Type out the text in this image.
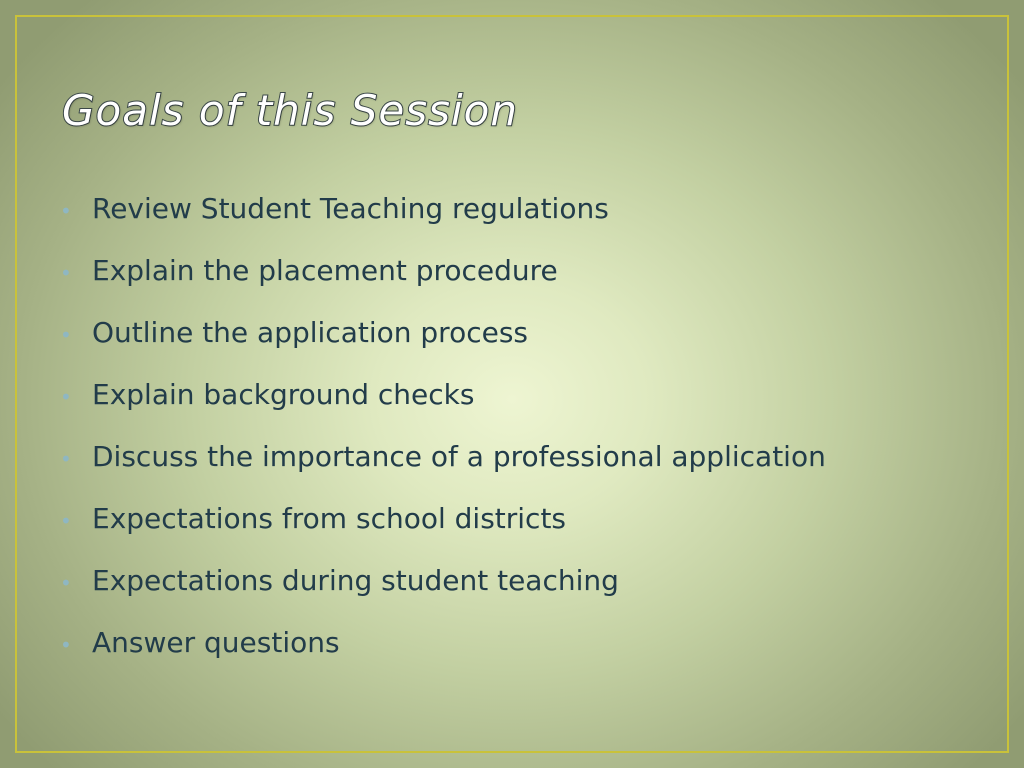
Goals of this Session
• Review Student Teaching regulations
• Explain the placement procedure
• Outline the application process
• Explain background checks
• Discuss the importance of a professional application
• Expectations from school districts
• Expectations during student teaching
• Answer questions
